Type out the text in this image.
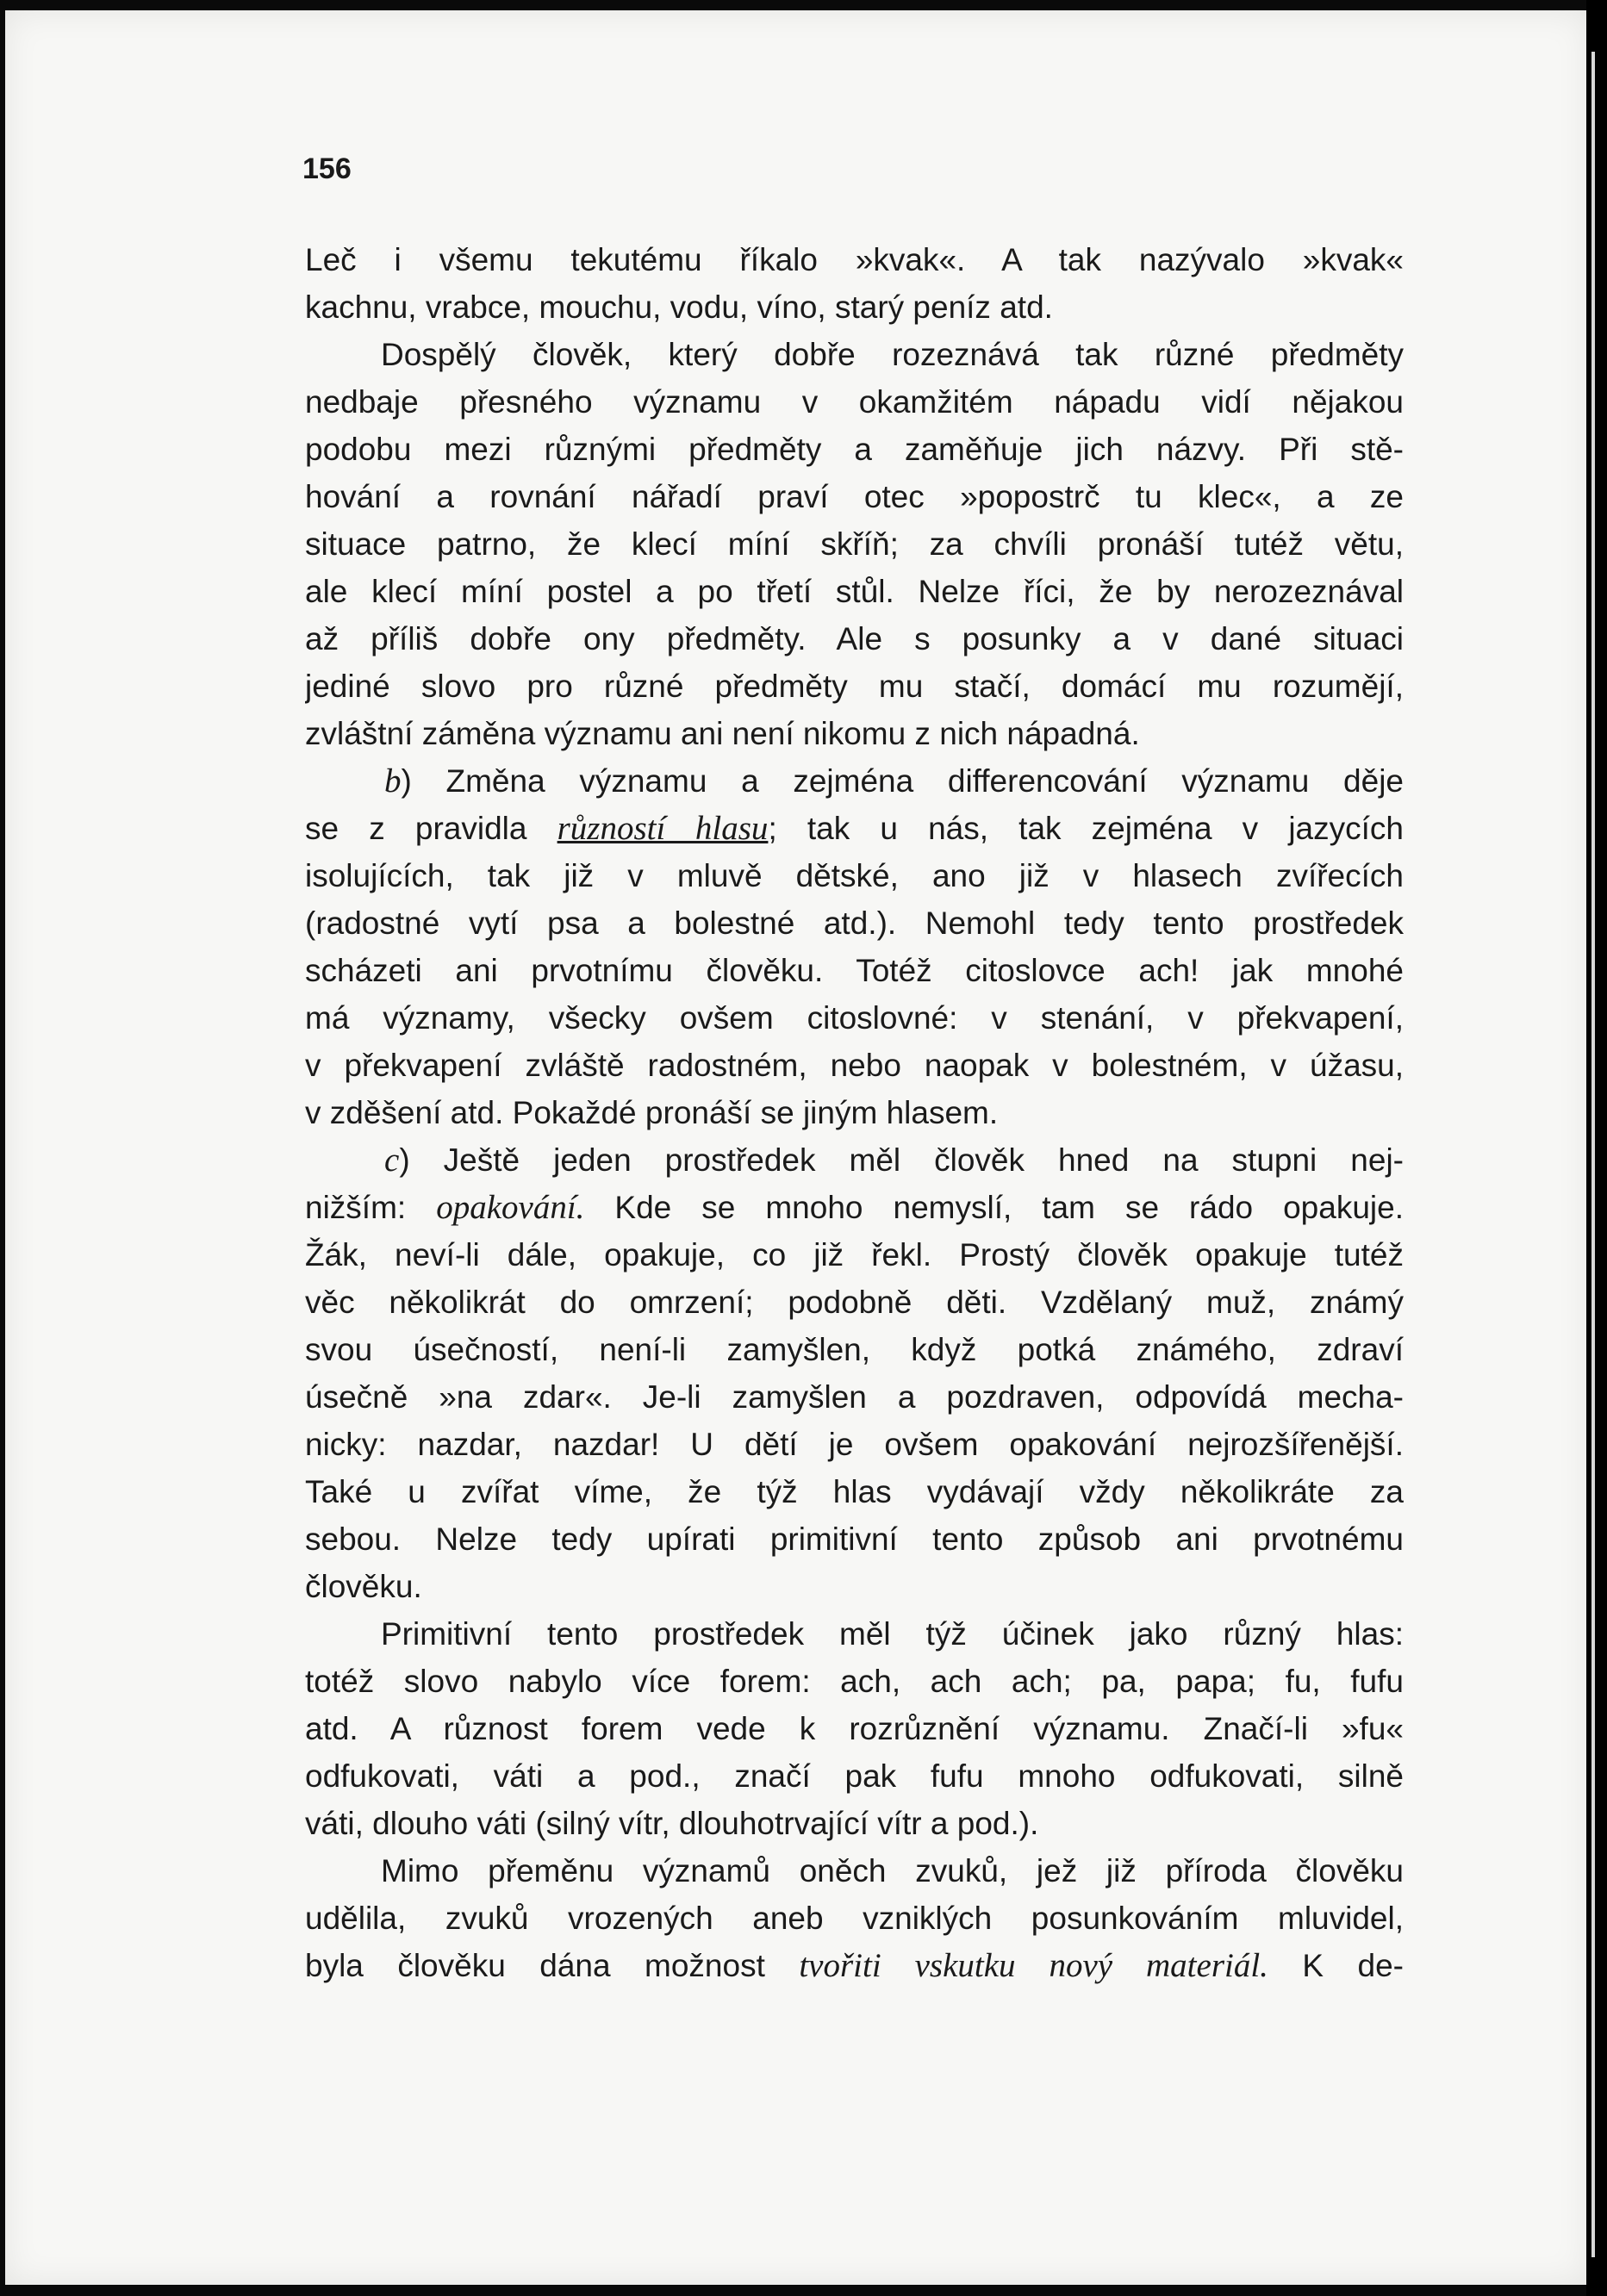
156
Leč i všemu tekutému říkalo »kvak«. A tak nazývalo »kvak«
kachnu, vrabce, mouchu, vodu, víno, starý peníz atd.
Dospělý člověk, který dobře rozeznává tak různé předměty
nedbaje přesného významu v okamžitém nápadu vidí nějakou
podobu mezi různými předměty a zaměňuje jich názvy. Při stě-
hování a rovnání nářadí praví otec »popostrč tu klec«, a ze
situace patrno, že klecí míní skříň; za chvíli pronáší tutéž větu,
ale klecí míní postel a po třetí stůl. Nelze říci, že by nerozeznával
až příliš dobře ony předměty. Ale s posunky a v dané situaci
jediné slovo pro různé předměty mu stačí, domácí mu rozumějí,
zvláštní záměna významu ani není nikomu z nich nápadná.
b) Změna významu a zejména differencování významu děje
se z pravidla růzností hlasu; tak u nás, tak zejména v jazycích
isolujících, tak již v mluvě dětské, ano již v hlasech zvířecích
(radostné vytí psa a bolestné atd.). Nemohl tedy tento prostředek
scházeti ani prvotnímu člověku. Totéž citoslovce ach! jak mnohé
má významy, všecky ovšem citoslovné: v stenání, v překvapení,
v překvapení zvláště radostném, nebo naopak v bolestném, v úžasu,
v zděšení atd. Pokaždé pronáší se jiným hlasem.
c) Ještě jeden prostředek měl člověk hned na stupni nej-
nižším: opakování. Kde se mnoho nemyslí, tam se rádo opakuje.
Žák, neví-li dále, opakuje, co již řekl. Prostý člověk opakuje tutéž
věc několikrát do omrzení; podobně děti. Vzdělaný muž, známý
svou úsečností, není-li zamyšlen, když potká známého, zdraví
úsečně »na zdar«. Je-li zamyšlen a pozdraven, odpovídá mecha-
nicky: nazdar, nazdar! U dětí je ovšem opakování nejrozšířenější.
Také u zvířat víme, že týž hlas vydávají vždy několikráte za
sebou. Nelze tedy upírati primitivní tento způsob ani prvotnému
člověku.
Primitivní tento prostředek měl týž účinek jako různý hlas:
totéž slovo nabylo více forem: ach, ach ach; pa, papa; fu, fufu
atd. A různost forem vede k rozrůznění významu. Značí-li »fu«
odfukovati, váti a pod., značí pak fufu mnoho odfukovati, silně
váti, dlouho váti (silný vítr, dlouhotrvající vítr a pod.).
Mimo přeměnu významů oněch zvuků, jež již příroda člověku
udělila, zvuků vrozených aneb vzniklých posunkováním mluvidel,
byla člověku dána možnost tvořiti vskutku nový materiál. K de-
